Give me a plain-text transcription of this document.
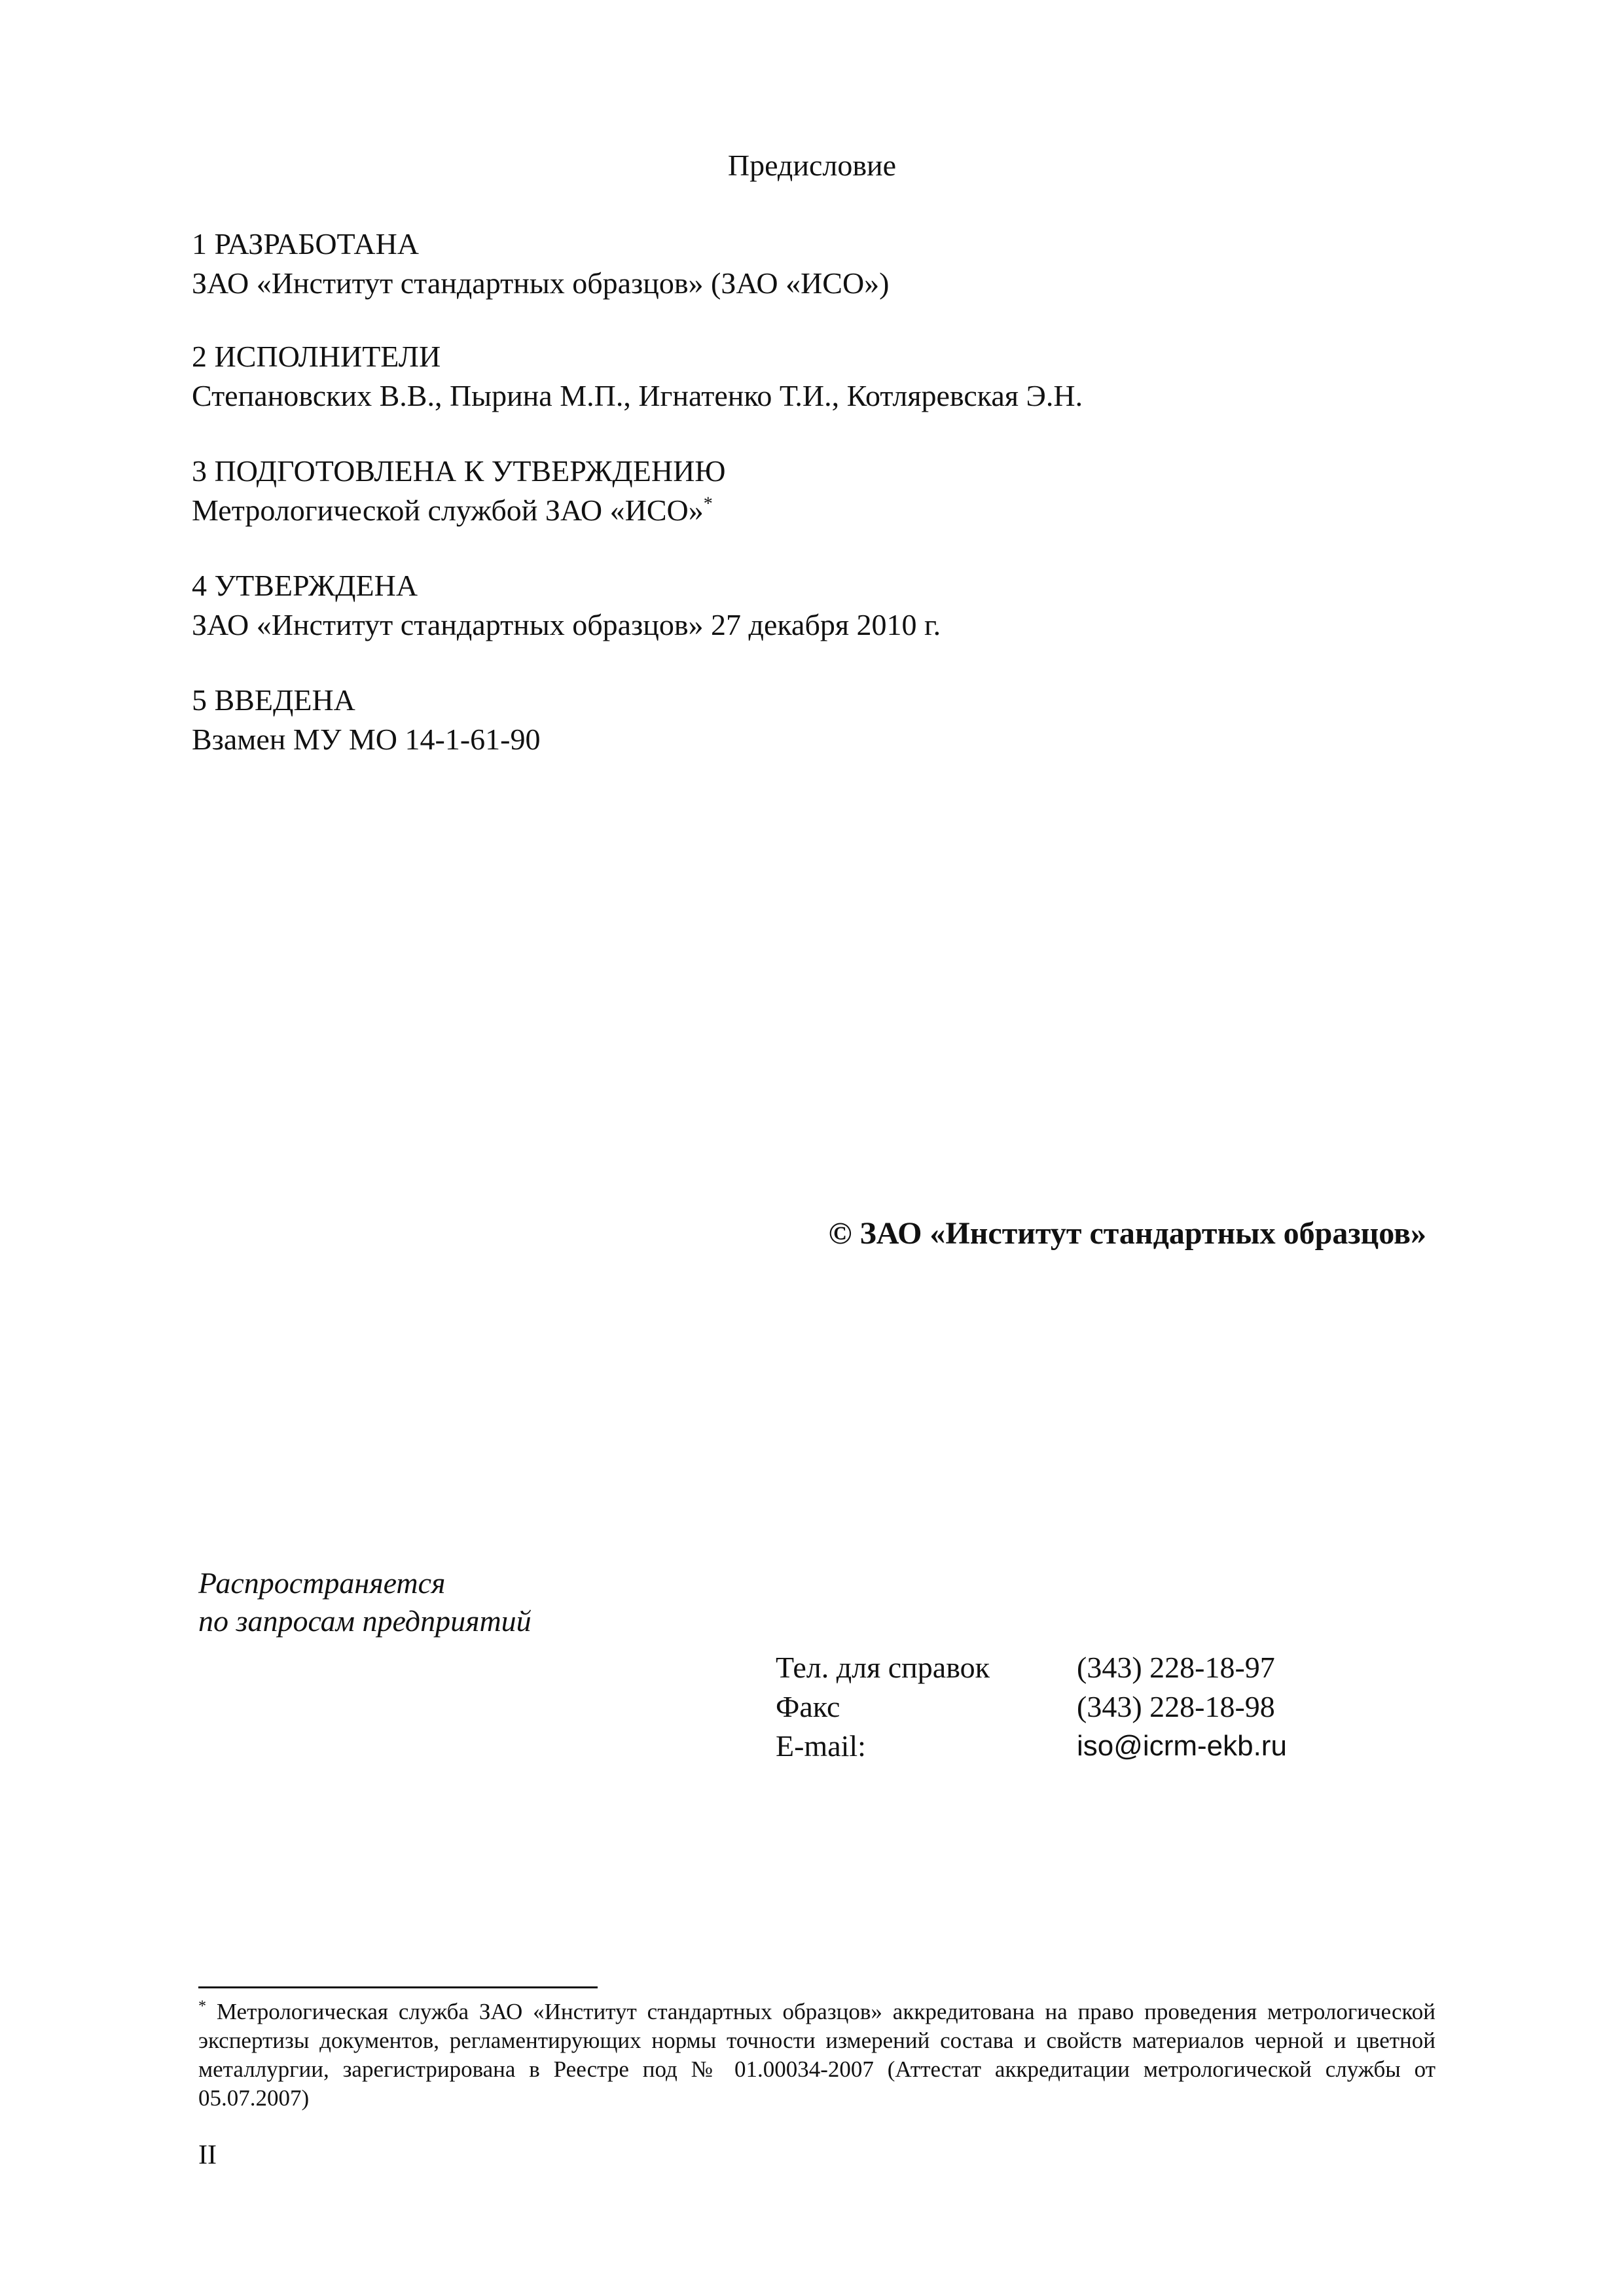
Предисловие
1 РАЗРАБОТАНА
ЗАО «Институт стандартных образцов» (ЗАО «ИСО»)
2 ИСПОЛНИТЕЛИ
Степановских В.В., Пырина М.П., Игнатенко Т.И., Котляревская Э.Н.
3 ПОДГОТОВЛЕНА К УТВЕРЖДЕНИЮ
Метрологической службой ЗАО «ИСО»*
4 УТВЕРЖДЕНА
ЗАО «Институт стандартных образцов» 27 декабря 2010 г.
5 ВВЕДЕНА
Взамен МУ МО 14-1-61-90
© ЗАО «Институт стандартных образцов»
Распространяется
по запросам предприятий
Тел. для справок	(343) 228-18-97
Факс	(343) 228-18-98
E-mail:	iso@icrm-ekb.ru
* Метрологическая служба ЗАО «Институт стандартных образцов» аккредитована на право проведения метрологической экспертизы документов, регламентирующих нормы точности измерений состава и свойств материалов черной и цветной металлургии, зарегистрирована в Реестре под № 01.00034-2007 (Аттестат аккредитации метрологической службы от 05.07.2007)
II
